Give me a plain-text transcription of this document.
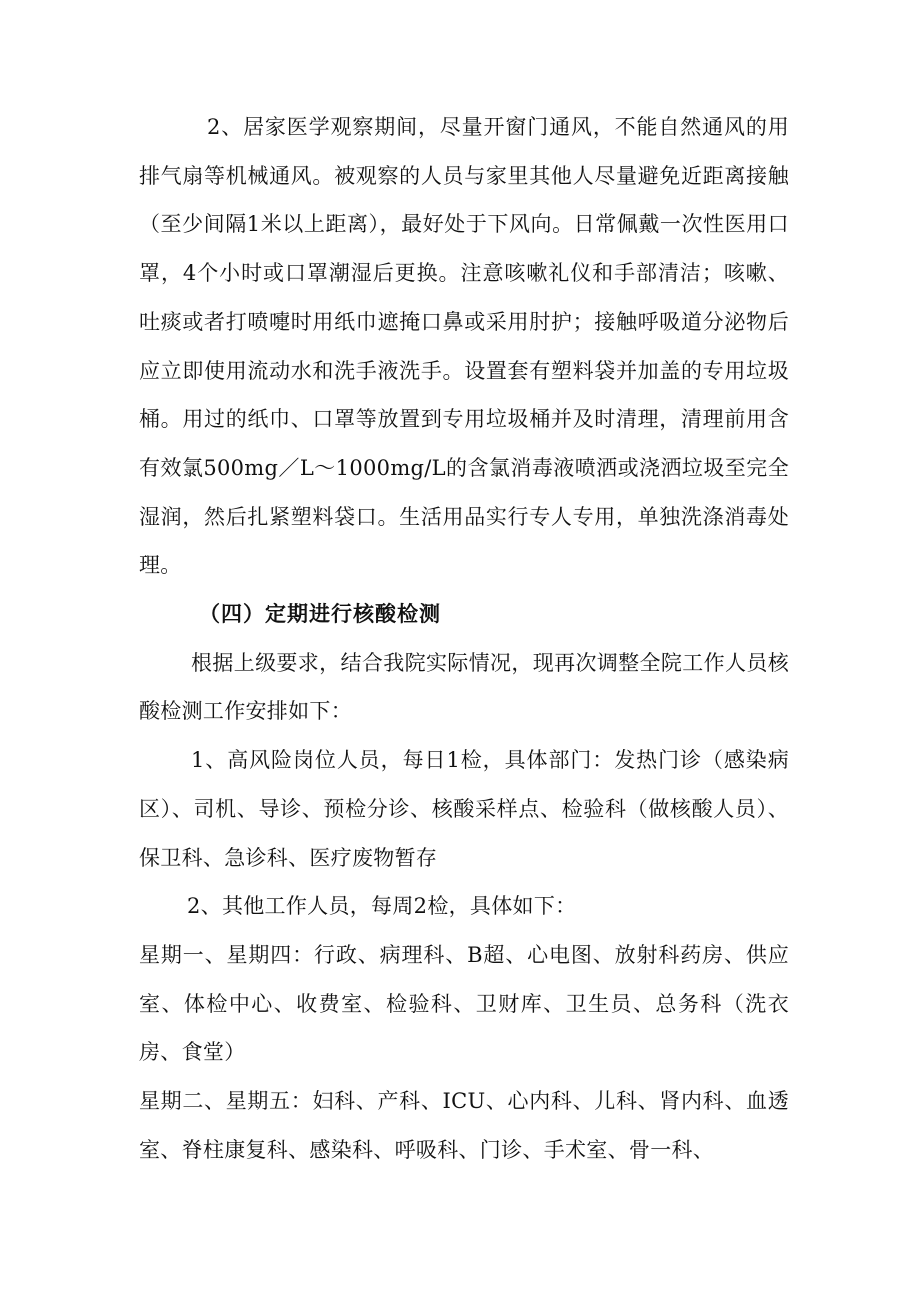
2、居家医学观察期间，尽量开窗门通风，不能自然通风的用排气扇等机械通风。被观察的人员与家里其他人尽量避免近距离接触（至少间隔1米以上距离），最好处于下风向。日常佩戴一次性医用口罩，4个小时或口罩潮湿后更换。注意咳嗽礼仪和手部清洁；咳嗽、吐痰或者打喷嚏时用纸巾遮掩口鼻或采用肘护；接触呼吸道分泌物后应立即使用流动水和洗手液洗手。设置套有塑料袋并加盖的专用垃圾桶。用过的纸巾、口罩等放置到专用垃圾桶并及时清理，清理前用含有效氯500mg／L～1000mg/L的含氯消毒液喷洒或浇洒垃圾至完全湿润，然后扎紧塑料袋口。生活用品实行专人专用，单独洗涤消毒处理。

（四）定期进行核酸检测

根据上级要求，结合我院实际情况，现再次调整全院工作人员核酸检测工作安排如下：

1、高风险岗位人员，每日1检，具体部门：发热门诊（感染病区）、司机、导诊、预检分诊、核酸采样点、检验科（做核酸人员）、保卫科、急诊科、医疗废物暂存

2、其他工作人员，每周2检，具体如下：

星期一、星期四：行政、病理科、B超、心电图、放射科药房、供应室、体检中心、收费室、检验科、卫财库、卫生员、总务科（洗衣房、食堂）

星期二、星期五：妇科、产科、ICU、心内科、儿科、肾内科、血透室、脊柱康复科、感染科、呼吸科、门诊、手术室、骨一科、
